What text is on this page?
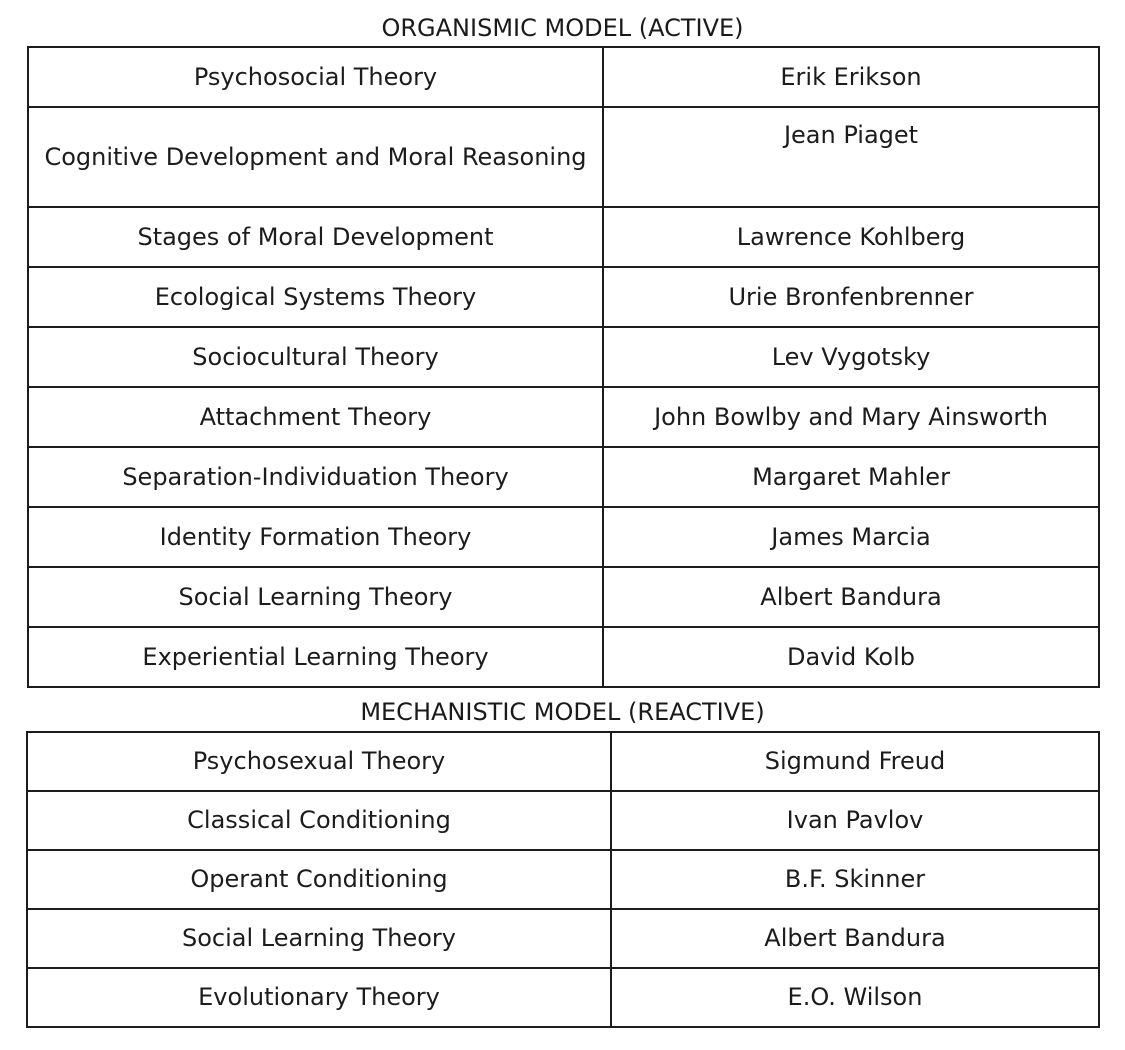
ORGANISMIC MODEL (ACTIVE)
Psychosocial Theory	Erik Erikson
Cognitive Development and Moral Reasoning	Jean Piaget
Stages of Moral Development	Lawrence Kohlberg
Ecological Systems Theory	Urie Bronfenbrenner
Sociocultural Theory	Lev Vygotsky
Attachment Theory	John Bowlby and Mary Ainsworth
Separation-Individuation Theory	Margaret Mahler
Identity Formation Theory	James Marcia
Social Learning Theory	Albert Bandura
Experiential Learning Theory	David Kolb
MECHANISTIC MODEL (REACTIVE)
Psychosexual Theory	Sigmund Freud
Classical Conditioning	Ivan Pavlov
Operant Conditioning	B.F. Skinner
Social Learning Theory	Albert Bandura
Evolutionary Theory	E.O. Wilson
